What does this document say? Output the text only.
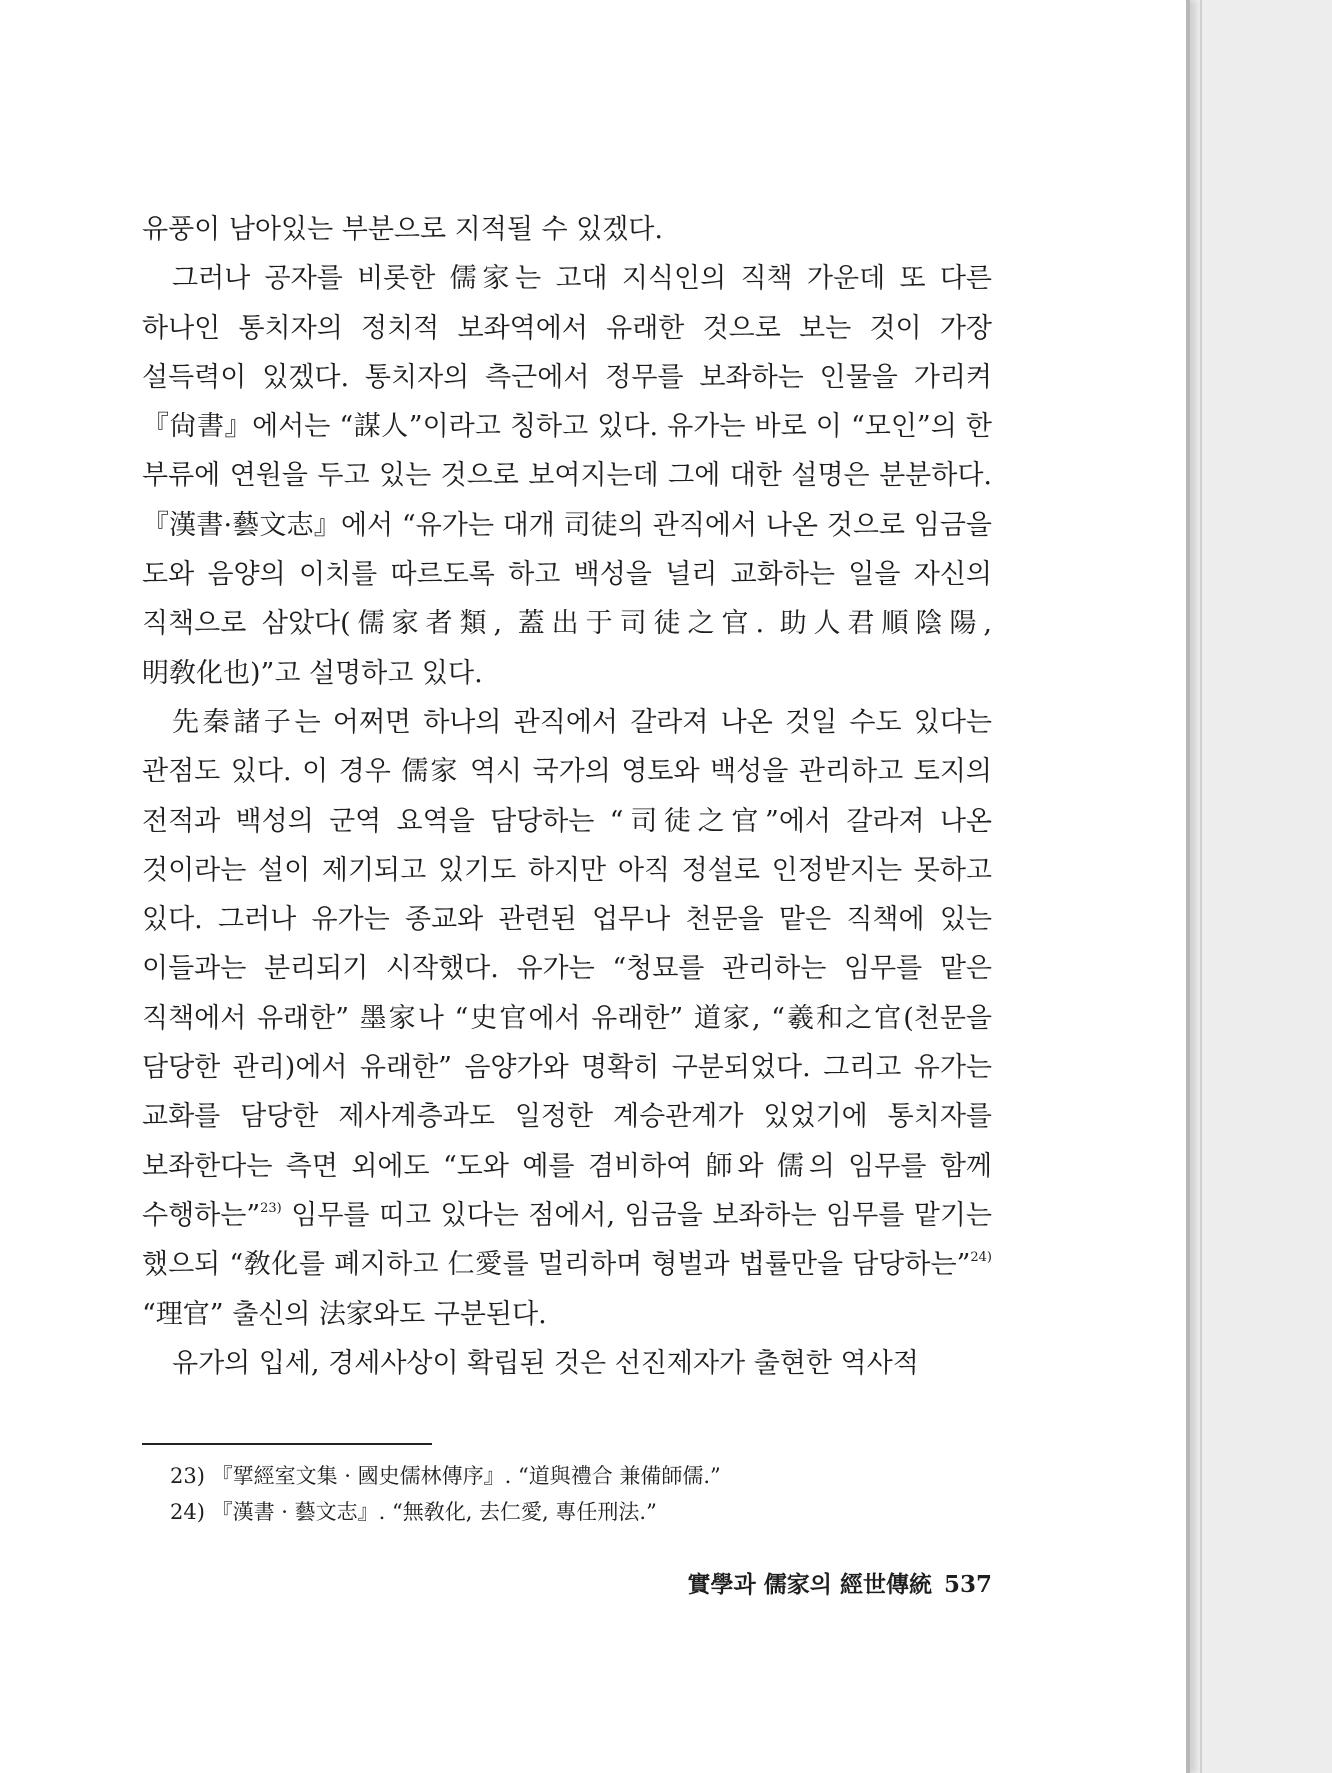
유풍이 남아있는 부분으로 지적될 수 있겠다.

그러나 공자를 비롯한 儒家는 고대 지식인의 직책 가운데 또 다른 하나인 통치자의 정치적 보좌역에서 유래한 것으로 보는 것이 가장 설득력이 있겠다. 통치자의 측근에서 정무를 보좌하는 인물을 가리켜 『尙書』에서는 “謀人”이라고 칭하고 있다. 유가는 바로 이 “모인”의 한 부류에 연원을 두고 있는 것으로 보여지는데 그에 대한 설명은 분분하다. 『漢書·藝文志』에서 “유가는 대개 司徒의 관직에서 나온 것으로 임금을 도와 음양의 이치를 따르도록 하고 백성을 널리 교화하는 일을 자신의 직책으로 삼았다(儒家者類, 蓋出于司徒之官. 助人君順陰陽, 明敎化也)”고 설명하고 있다.

先秦諸子는 어쩌면 하나의 관직에서 갈라져 나온 것일 수도 있다는 관점도 있다. 이 경우 儒家 역시 국가의 영토와 백성을 관리하고 토지의 전적과 백성의 군역 요역을 담당하는 “司徒之官”에서 갈라져 나온 것이라는 설이 제기되고 있기도 하지만 아직 정설로 인정받지는 못하고 있다. 그러나 유가는 종교와 관련된 업무나 천문을 맡은 직책에 있는 이들과는 분리되기 시작했다. 유가는 “청묘를 관리하는 임무를 맡은 직책에서 유래한” 墨家나 “史官에서 유래한” 道家, “羲和之官(천문을 담당한 관리)에서 유래한” 음양가와 명확히 구분되었다. 그리고 유가는 교화를 담당한 제사계층과도 일정한 계승관계가 있었기에 통치자를 보좌한다는 측면 외에도 “도와 예를 겸비하여 師와 儒의 임무를 함께 수행하는”$^{23)}$ 임무를 띠고 있다는 점에서, 임금을 보좌하는 임무를 맡기는 했으되 “敎化를 폐지하고 仁愛를 멀리하며 형벌과 법률만을 담당하는”$^{24)}$ “理官” 출신의 法家와도 구분된다.

유가의 입세, 경세사상이 확립된 것은 선진제자가 출현한 역사적

23) 『揅經室文集 · 國史儒林傳序』. “道與禮合 兼備師儒.”
24) 『漢書 · 藝文志』. “無敎化, 去仁愛, 專任刑法.”
實學과 儒家의 經世傳統 537
